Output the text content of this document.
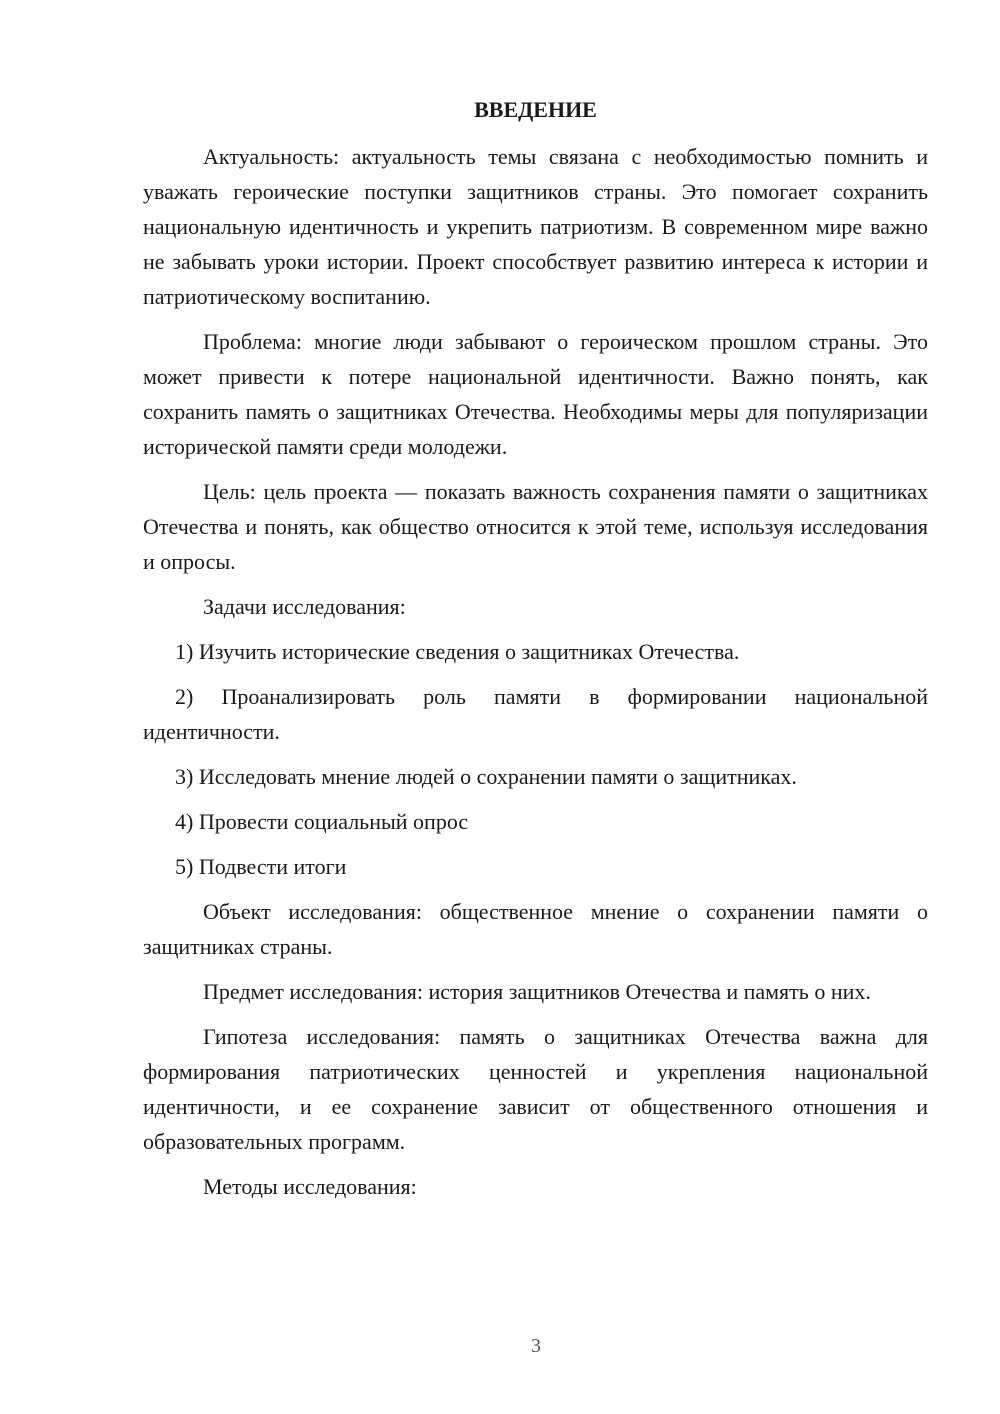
ВВЕДЕНИЕ

Актуальность: актуальность темы связана с необходимостью помнить и уважать героические поступки защитников страны. Это помогает сохранить национальную идентичность и укрепить патриотизм. В современном мире важно не забывать уроки истории. Проект способствует развитию интереса к истории и патриотическому воспитанию.

Проблема: многие люди забывают о героическом прошлом страны. Это может привести к потере национальной идентичности. Важно понять, как сохранить память о защитниках Отечества. Необходимы меры для популяризации исторической памяти среди молодежи.

Цель: цель проекта — показать важность сохранения памяти о защитниках Отечества и понять, как общество относится к этой теме, используя исследования и опросы.

Задачи исследования:

1) Изучить исторические сведения о защитниках Отечества.

2) Проанализировать роль памяти в формировании национальной идентичности.

3) Исследовать мнение людей о сохранении памяти о защитниках.

4) Провести социальный опрос

5) Подвести итоги

Объект исследования: общественное мнение о сохранении памяти о защитниках страны.

Предмет исследования: история защитников Отечества и память о них.

Гипотеза исследования: память о защитниках Отечества важна для формирования патриотических ценностей и укрепления национальной идентичности, и ее сохранение зависит от общественного отношения и образовательных программ.

Методы исследования:

3
